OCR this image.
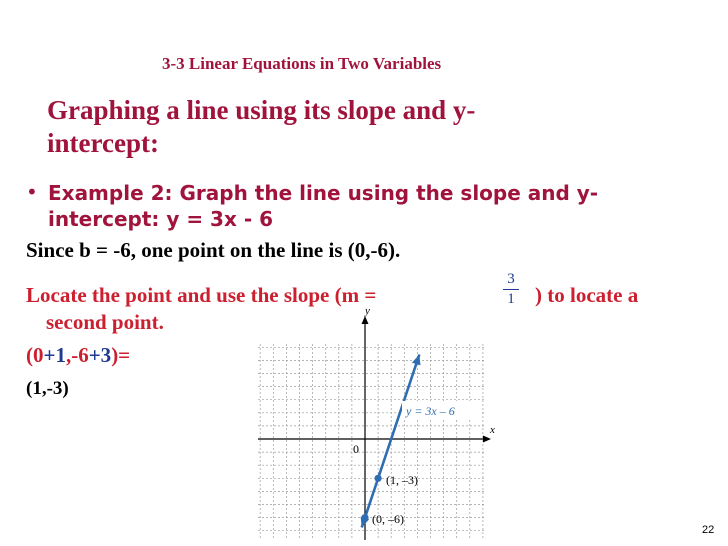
3-3 Linear Equations in Two Variables
Graphing a line using its slope and y-
intercept:
• Example 2: Graph the line using the slope and y-
intercept: y = 3x - 6
Since b = -6, one point on the line is (0,-6).
Locate the point and use the slope (m =
3
1 ) to locate a
second point.
(0+1,-6+3)=
(1,-3)
x
y
0
y = 3x – 6
(1, –3)
(0, –6)
22
